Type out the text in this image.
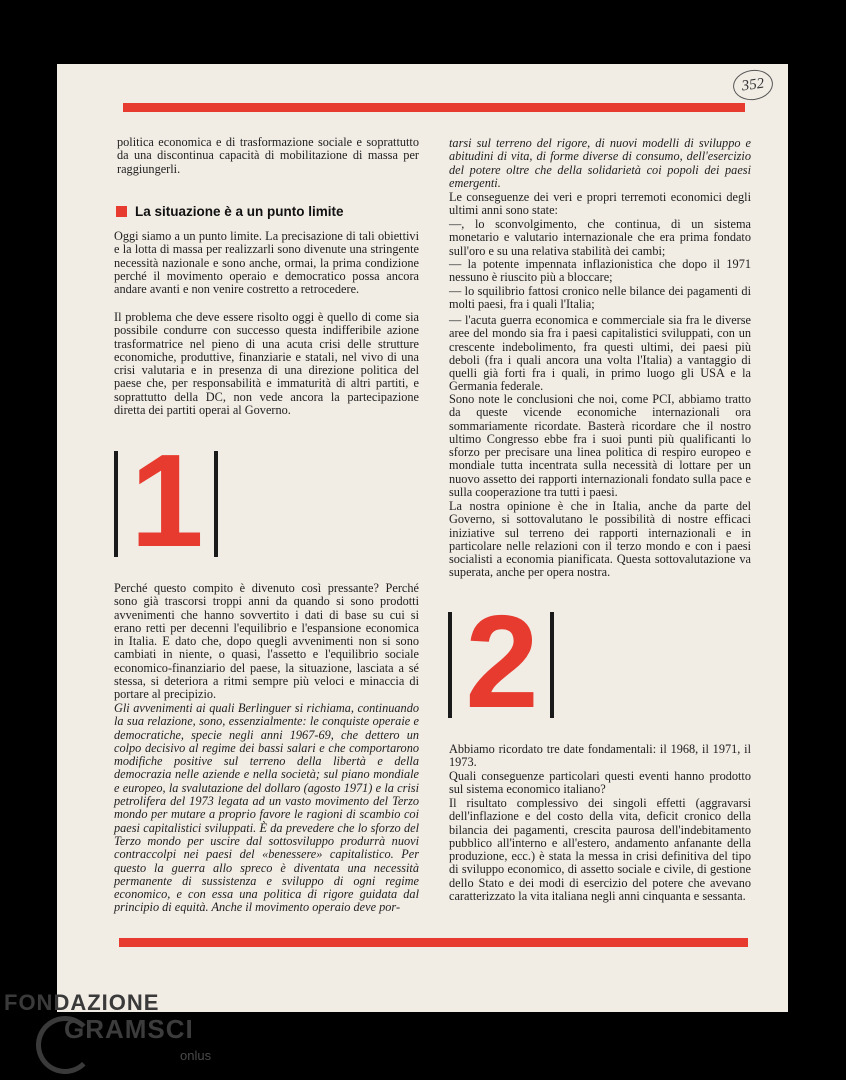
352

politica economica e di trasformazione sociale e soprattutto da una discontinua capacità di mobilitazione di massa per raggiungerli.

La situazione è a un punto limite

Oggi siamo a un punto limite. La precisazione di tali obiettivi e la lotta di massa per realizzarli sono divenute una stringente necessità nazionale e sono anche, ormai, la prima condizione perché il movimento operaio e democratico possa ancora andare avanti e non venire costretto a retrocedere.

Il problema che deve essere risolto oggi è quello di come sia possibile condurre con successo questa indifferibile azione trasformatrice nel pieno di una acuta crisi delle strutture economiche, produttive, finanziarie e statali, nel vivo di una crisi valutaria e in presenza di una direzione politica del paese che, per responsabilità e immaturità di altri partiti, e soprattutto della DC, non vede ancora la partecipazione diretta dei partiti operai al Governo.

1

Perché questo compito è divenuto così pressante? Perché sono già trascorsi troppi anni da quando si sono prodotti avvenimenti che hanno sovvertito i dati di base su cui si erano retti per decenni l'equilibrio e l'espansione economica in Italia. E dato che, dopo quegli avvenimenti non si sono cambiati in niente, o quasi, l'assetto e l'equilibrio sociale economico-finanziario del paese, la situazione, lasciata a sé stessa, si deteriora a ritmi sempre più veloci e minaccia di portare al precipizio.

Gli avvenimenti ai quali Berlinguer si richiama, continuando la sua relazione, sono, essenzialmente: le conquiste operaie e democratiche, specie negli anni 1967-69, che dettero un colpo decisivo al regime dei bassi salari e che comportarono modifiche positive sul terreno della libertà e della democrazia nelle aziende e nella società; sul piano mondiale e europeo, la svalutazione del dollaro (agosto 1971) e la crisi petrolifera del 1973 legata ad un vasto movimento del Terzo mondo per mutare a proprio favore le ragioni di scambio coi paesi capitalistici sviluppati. È da prevedere che lo sforzo del Terzo mondo per uscire dal sottosviluppo produrrà nuovi contraccolpi nei paesi del «benessere» capitalistico. Per questo la guerra allo spreco è diventata una necessità permanente di sussistenza e sviluppo di ogni regime economico, e con essa una politica di rigore guidata dal principio di equità. Anche il movimento operaio deve por-

tarsi sul terreno del rigore, di nuovi modelli di sviluppo e abitudini di vita, di forme diverse di consumo, dell'esercizio del potere oltre che della solidarietà coi popoli dei paesi emergenti.

Le conseguenze dei veri e propri terremoti economici degli ultimi anni sono state:

—, lo sconvolgimento, che continua, di un sistema monetario e valutario internazionale che era prima fondato sull'oro e su una relativa stabilità dei cambi;

— la potente impennata inflazionistica che dopo il 1971 nessuno è riuscito più a bloccare;

— lo squilibrio fattosi cronico nelle bilance dei pagamenti di molti paesi, fra i quali l'Italia;

— l'acuta guerra economica e commerciale sia fra le diverse aree del mondo sia fra i paesi capitalistici sviluppati, con un crescente indebolimento, fra questi ultimi, dei paesi più deboli (fra i quali ancora una volta l'Italia) a vantaggio di quelli già forti fra i quali, in primo luogo gli USA e la Germania federale.

Sono note le conclusioni che noi, come PCI, abbiamo tratto da queste vicende economiche internazionali ora sommariamente ricordate. Basterà ricordare che il nostro ultimo Congresso ebbe fra i suoi punti più qualificanti lo sforzo per precisare una linea politica di respiro europeo e mondiale tutta incentrata sulla necessità di lottare per un nuovo assetto dei rapporti internazionali fondato sulla pace e sulla cooperazione tra tutti i paesi.

La nostra opinione è che in Italia, anche da parte del Governo, si sottovalutano le possibilità di nostre efficaci iniziative sul terreno dei rapporti internazionali e in particolare nelle relazioni con il terzo mondo e con i paesi socialisti a economia pianificata. Questa sottovalutazione va superata, anche per opera nostra.

2

Abbiamo ricordato tre date fondamentali: il 1968, il 1971, il 1973.

Quali conseguenze particolari questi eventi hanno prodotto sul sistema economico italiano?

Il risultato complessivo dei singoli effetti (aggravarsi dell'inflazione e del costo della vita, deficit cronico della bilancia dei pagamenti, crescita paurosa dell'indebitamento pubblico all'interno e all'estero, andamento anfanante della produzione, ecc.) è stata la messa in crisi definitiva del tipo di sviluppo economico, di assetto sociale e civile, di gestione dello Stato e dei modi di esercizio del potere che avevano caratterizzato la vita italiana negli anni cinquanta e sessanta.

FONDAZIONE
GRAMSCI
onlus
